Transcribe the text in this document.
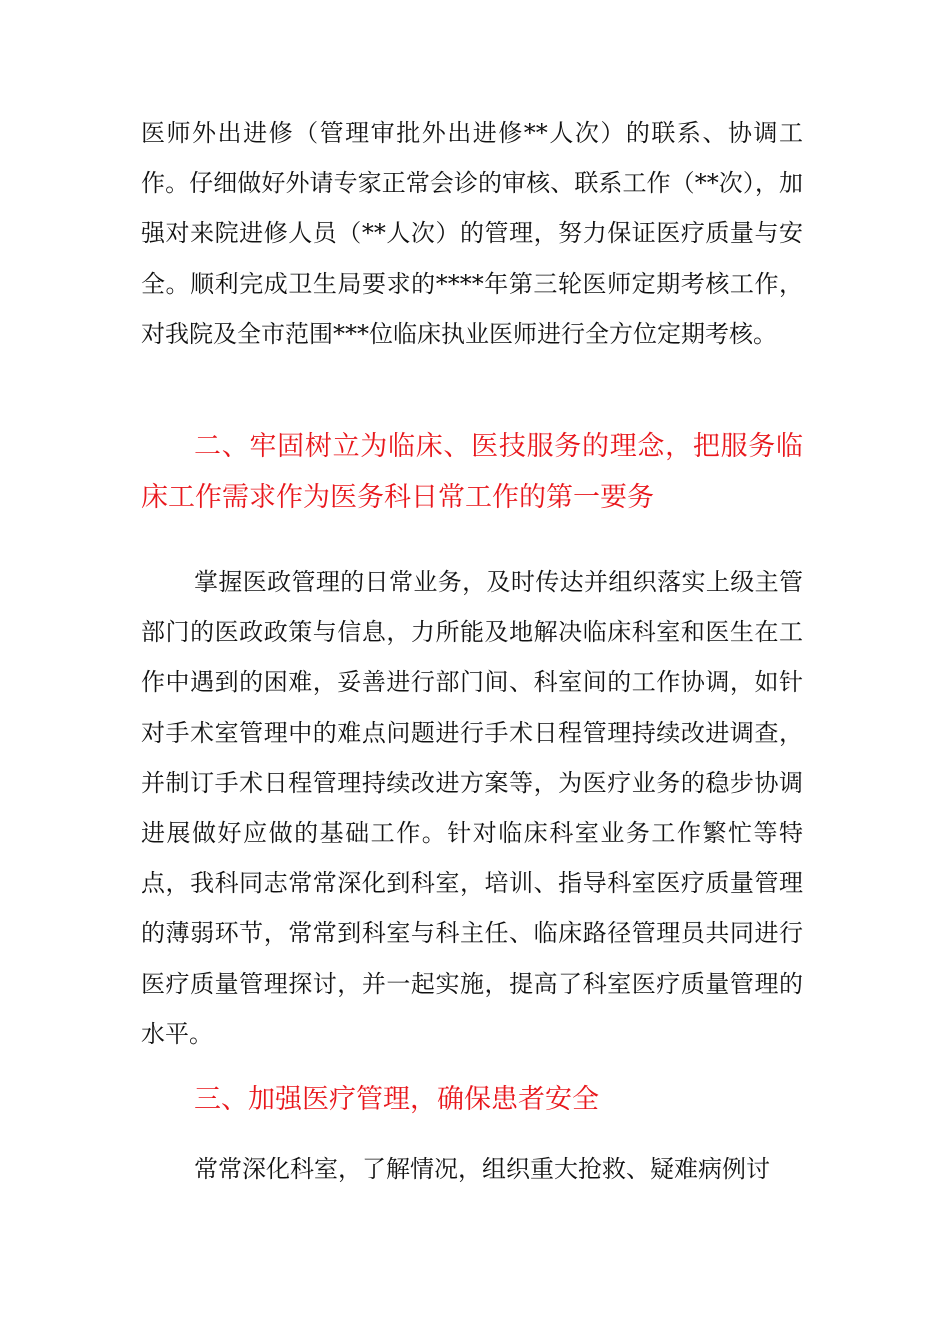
医师外出进修（管理审批外出进修**人次）的联系、协调工作。仔细做好外请专家正常会诊的审核、联系工作（**次），加强对来院进修人员（**人次）的管理，努力保证医疗质量与安全。顺利完成卫生局要求的****年第三轮医师定期考核工作，对我院及全市范围***位临床执业医师进行全方位定期考核。

二、牢固树立为临床、医技服务的理念，把服务临床工作需求作为医务科日常工作的第一要务

掌握医政管理的日常业务，及时传达并组织落实上级主管部门的医政政策与信息，力所能及地解决临床科室和医生在工作中遇到的困难，妥善进行部门间、科室间的工作协调，如针对手术室管理中的难点问题进行手术日程管理持续改进调查，并制订手术日程管理持续改进方案等，为医疗业务的稳步协调进展做好应做的基础工作。针对临床科室业务工作繁忙等特点，我科同志常常深化到科室，培训、指导科室医疗质量管理的薄弱环节，常常到科室与科主任、临床路径管理员共同进行医疗质量管理探讨，并一起实施，提高了科室医疗质量管理的水平。

三、加强医疗管理，确保患者安全

常常深化科室，了解情况，组织重大抢救、疑难病例讨
